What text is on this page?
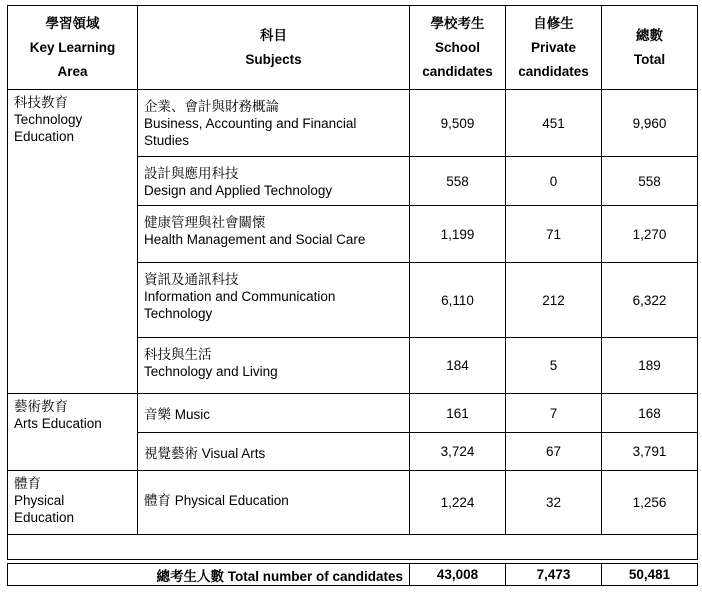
學習領域
Key Learning
Area	科目
Subjects	學校考生
School
candidates	自修生
Private
candidates	總數
Total

科技教育
Technology
Education	企業、會計與財務概論
Business, Accounting and Financial
Studies	9,509	451	9,960

	設計與應用科技
Design and Applied Technology	558	0	558

	健康管理與社會關懷
Health Management and Social Care	1,199	71	1,270

	資訊及通訊科技
Information and Communication
Technology	6,110	212	6,322

	科技與生活
Technology and Living	184	5	189

藝術教育
Arts Education	音樂 Music	161	7	168
	視覺藝術 Visual Arts	3,724	67	3,791

體育
Physical
Education	體育 Physical Education	1,224	32	1,256

總考生人數 Total number of candidates	43,008	7,473	50,481
